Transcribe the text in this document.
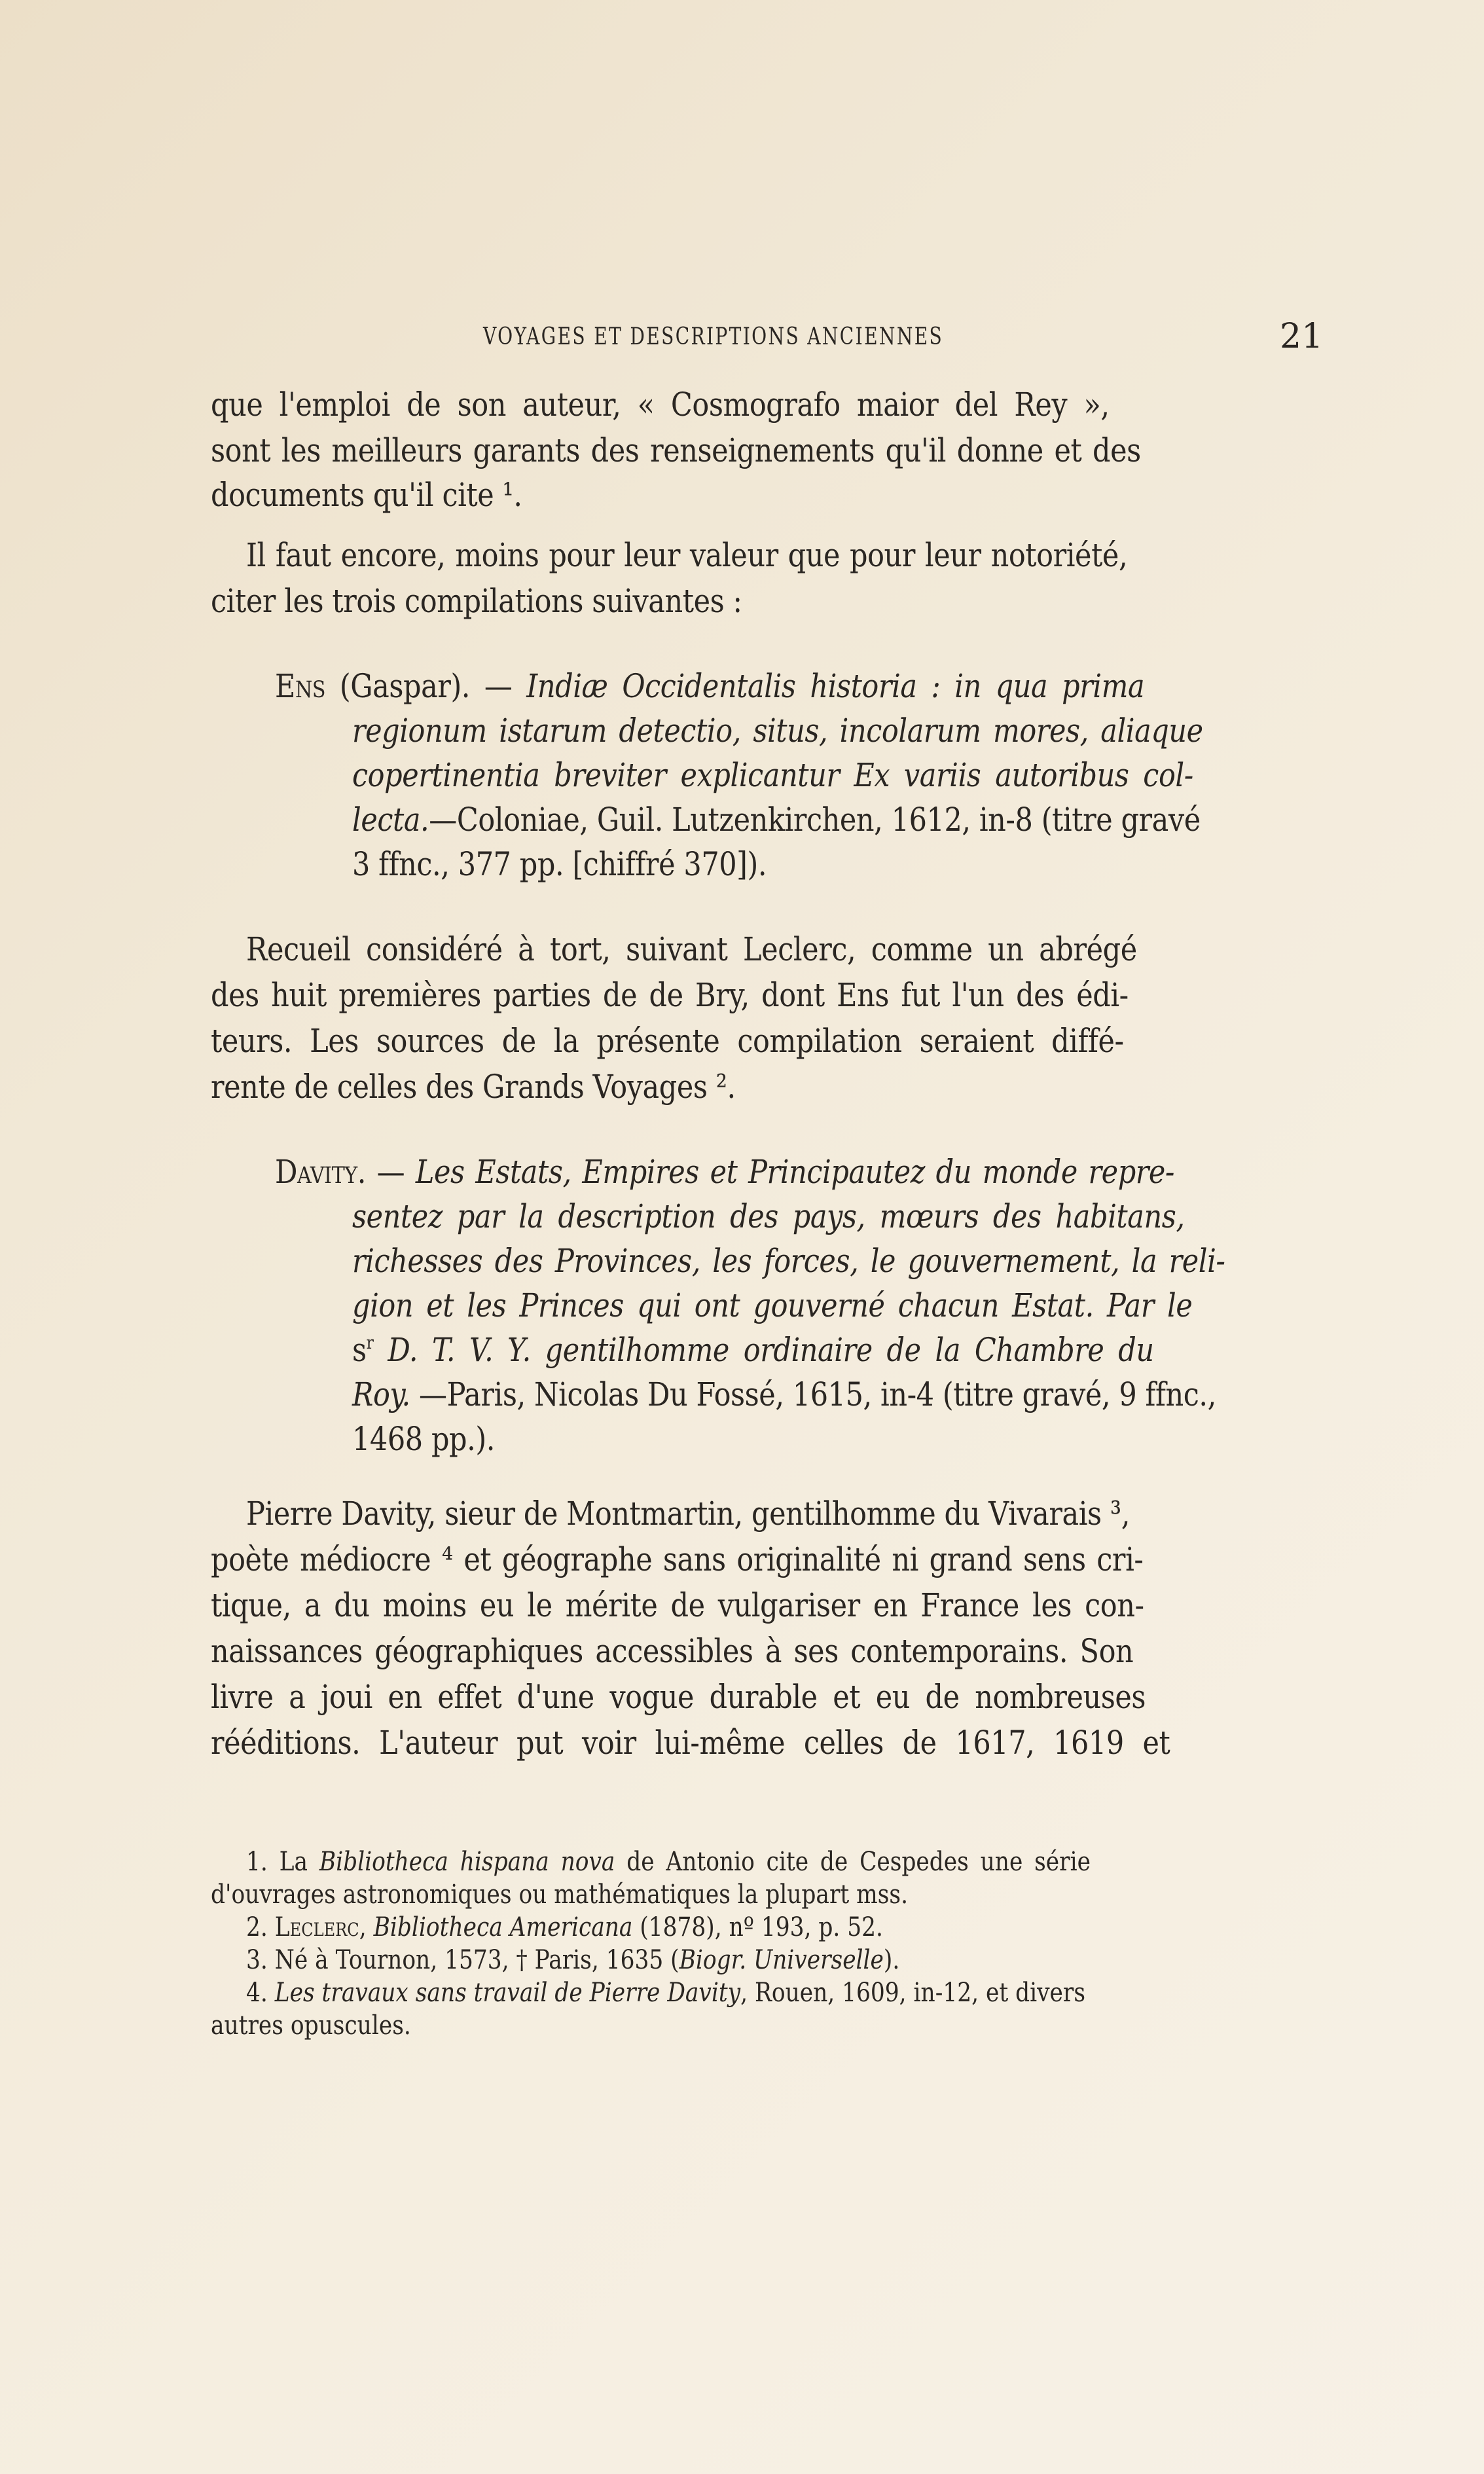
VOYAGES ET DESCRIPTIONS ANCIENNES	21
que l'emploi de son auteur, « Cosmografo maior del Rey »,
sont les meilleurs garants des renseignements qu'il donne et des
documents qu'il cite ¹.
Il faut encore, moins pour leur valeur que pour leur notoriété,
citer les trois compilations suivantes :
Ens (Gaspar). — Indiæ Occidentalis historia : in qua prima
regionum istarum detectio, situs, incolarum mores, aliaque
copertinentia breviter explicantur Ex variis autoribus col-
lecta.—Coloniae, Guil. Lutzenkirchen, 1612, in-8 (titre gravé
3 ffnc., 377 pp. [chiffré 370]).
Recueil considéré à tort, suivant Leclerc, comme un abrégé
des huit premières parties de de Bry, dont Ens fut l'un des édi-
teurs. Les sources de la présente compilation seraient diffé-
rente de celles des Grands Voyages ².
Davity. — Les Estats, Empires et Principautez du monde repre-
sentez par la description des pays, mœurs des habitans,
richesses des Provinces, les forces, le gouvernement, la reli-
gion et les Princes qui ont gouverné chacun Estat. Par le
$s^r$ D. T. V. Y. gentilhomme ordinaire de la Chambre du
Roy. —Paris, Nicolas Du Fossé, 1615, in-4 (titre gravé, 9 ffnc.,
1468 pp.).
Pierre Davity, sieur de Montmartin, gentilhomme du Vivarais ³,
poète médiocre ⁴ et géographe sans originalité ni grand sens cri-
tique, a du moins eu le mérite de vulgariser en France les con-
naissances géographiques accessibles à ses contemporains. Son
livre a joui en effet d'une vogue durable et eu de nombreuses
rééditions. L'auteur put voir lui-même celles de 1617, 1619 et
1. La Bibliotheca hispana nova de Antonio cite de Cespedes une série
d'ouvrages astronomiques ou mathématiques la plupart mss.
2. Leclerc, Bibliotheca Americana (1878), nº 193, p. 52.
3. Né à Tournon, 1573, † Paris, 1635 (Biogr. Universelle).
4. Les travaux sans travail de Pierre Davity, Rouen, 1609, in-12, et divers
autres opuscules.
